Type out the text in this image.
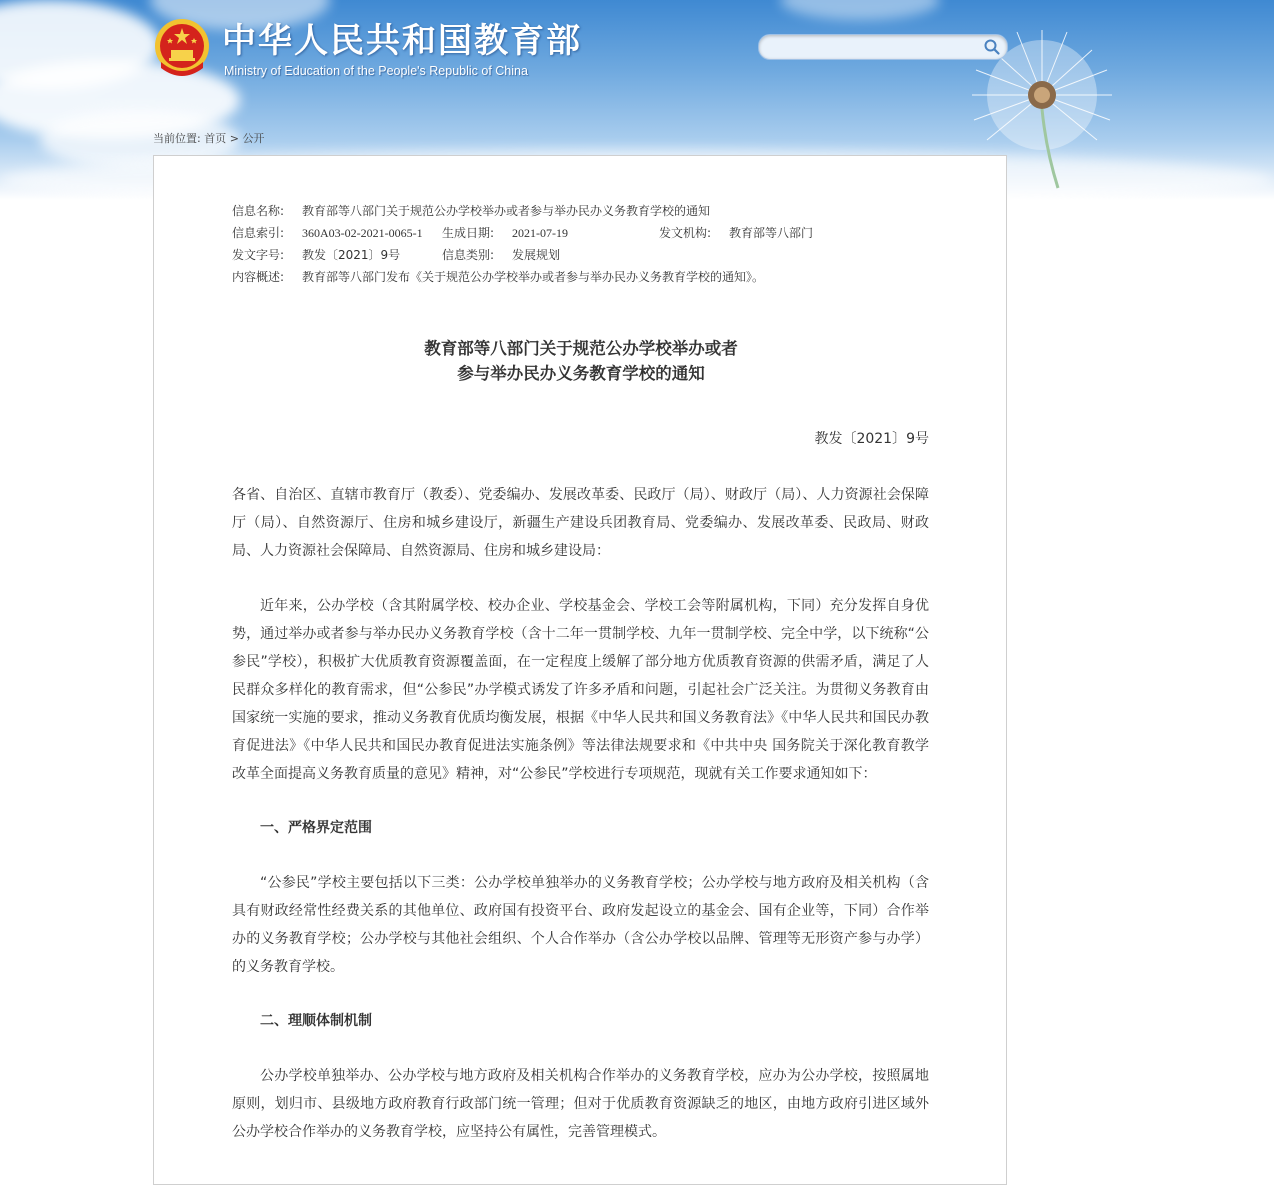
中华人民共和国教育部
Ministry of Education of the People's Republic of China
当前位置: 首页 > 公开
信息名称: 教育部等八部门关于规范公办学校举办或者参与举办民办义务教育学校的通知
信息索引: 360A03-02-2021-0065-1 生成日期: 2021-07-19	发文机构: 教育部等八部门
发文字号: 教发〔2021〕9号	信息类别: 发展规划
内容概述: 教育部等八部门发布《关于规范公办学校举办或者参与举办民办义务教育学校的通知》。
教育部等八部门关于规范公办学校举办或者
参与举办民办义务教育学校的通知
教发〔2021〕9号

各省、自治区、直辖市教育厅（教委）、党委编办、发展改革委、民政厅（局）、财政厅（局）、人力资源社会保障厅（局）、自然资源厅、住房和城乡建设厅，新疆生产建设兵团教育局、党委编办、发展改革委、民政局、财政局、人力资源社会保障局、自然资源局、住房和城乡建设局：

近年来，公办学校（含其附属学校、校办企业、学校基金会、学校工会等附属机构，下同）充分发挥自身优势，通过举办或者参与举办民办义务教育学校（含十二年一贯制学校、九年一贯制学校、完全中学，以下统称“公参民”学校），积极扩大优质教育资源覆盖面，在一定程度上缓解了部分地方优质教育资源的供需矛盾，满足了人民群众多样化的教育需求，但“公参民”办学模式诱发了许多矛盾和问题，引起社会广泛关注。为贯彻义务教育由国家统一实施的要求，推动义务教育优质均衡发展，根据《中华人民共和国义务教育法》《中华人民共和国民办教育促进法》《中华人民共和国民办教育促进法实施条例》等法律法规要求和《中共中央 国务院关于深化教育教学改革全面提高义务教育质量的意见》精神，对“公参民”学校进行专项规范，现就有关工作要求通知如下：

一、严格界定范围

“公参民”学校主要包括以下三类：公办学校单独举办的义务教育学校；公办学校与地方政府及相关机构（含具有财政经常性经费关系的其他单位、政府国有投资平台、政府发起设立的基金会、国有企业等，下同）合作举办的义务教育学校；公办学校与其他社会组织、个人合作举办（含公办学校以品牌、管理等无形资产参与办学）的义务教育学校。

二、理顺体制机制

公办学校单独举办、公办学校与地方政府及相关机构合作举办的义务教育学校，应办为公办学校，按照属地原则，划归市、县级地方政府教育行政部门统一管理；但对于优质教育资源缺乏的地区，由地方政府引进区域外公办学校合作举办的义务教育学校，应坚持公有属性，完善管理模式。
